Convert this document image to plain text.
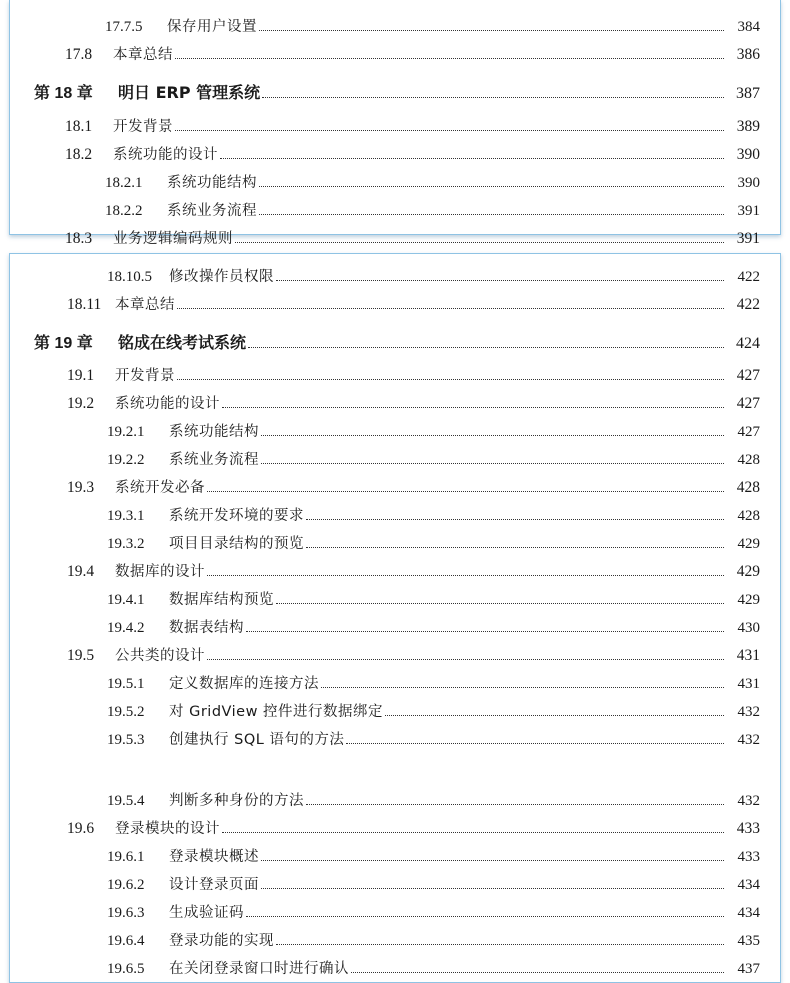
17.7.5	保存用户设置	384
17.8	本章总结	386
第 18 章	明日 ERP 管理系统	387
18.1	开发背景	389
18.2	系统功能的设计	390
18.2.1	系统功能结构	390
18.2.2	系统业务流程	391
18.3	业务逻辑编码规则	391
18.10.5	修改操作员权限	422
18.11 本章总结	422
第 19 章	铭成在线考试系统	424
19.1	开发背景	427
19.2	系统功能的设计	427
19.2.1	系统功能结构	427
19.2.2	系统业务流程	428
19.3	系统开发必备	428
19.3.1	系统开发环境的要求	428
19.3.2	项目目录结构的预览	429
19.4	数据库的设计	429
19.4.1	数据库结构预览	429
19.4.2	数据表结构	430
19.5	公共类的设计	431
19.5.1	定义数据库的连接方法	431
19.5.2	对 GridView 控件进行数据绑定	432
19.5.3	创建执行 SQL 语句的方法	432
19.5.4	判断多种身份的方法	432
19.6	登录模块的设计	433
19.6.1	登录模块概述	433
19.6.2	设计登录页面	434
19.6.3	生成验证码	434
19.6.4	登录功能的实现	435
19.6.5	在关闭登录窗口时进行确认	437
